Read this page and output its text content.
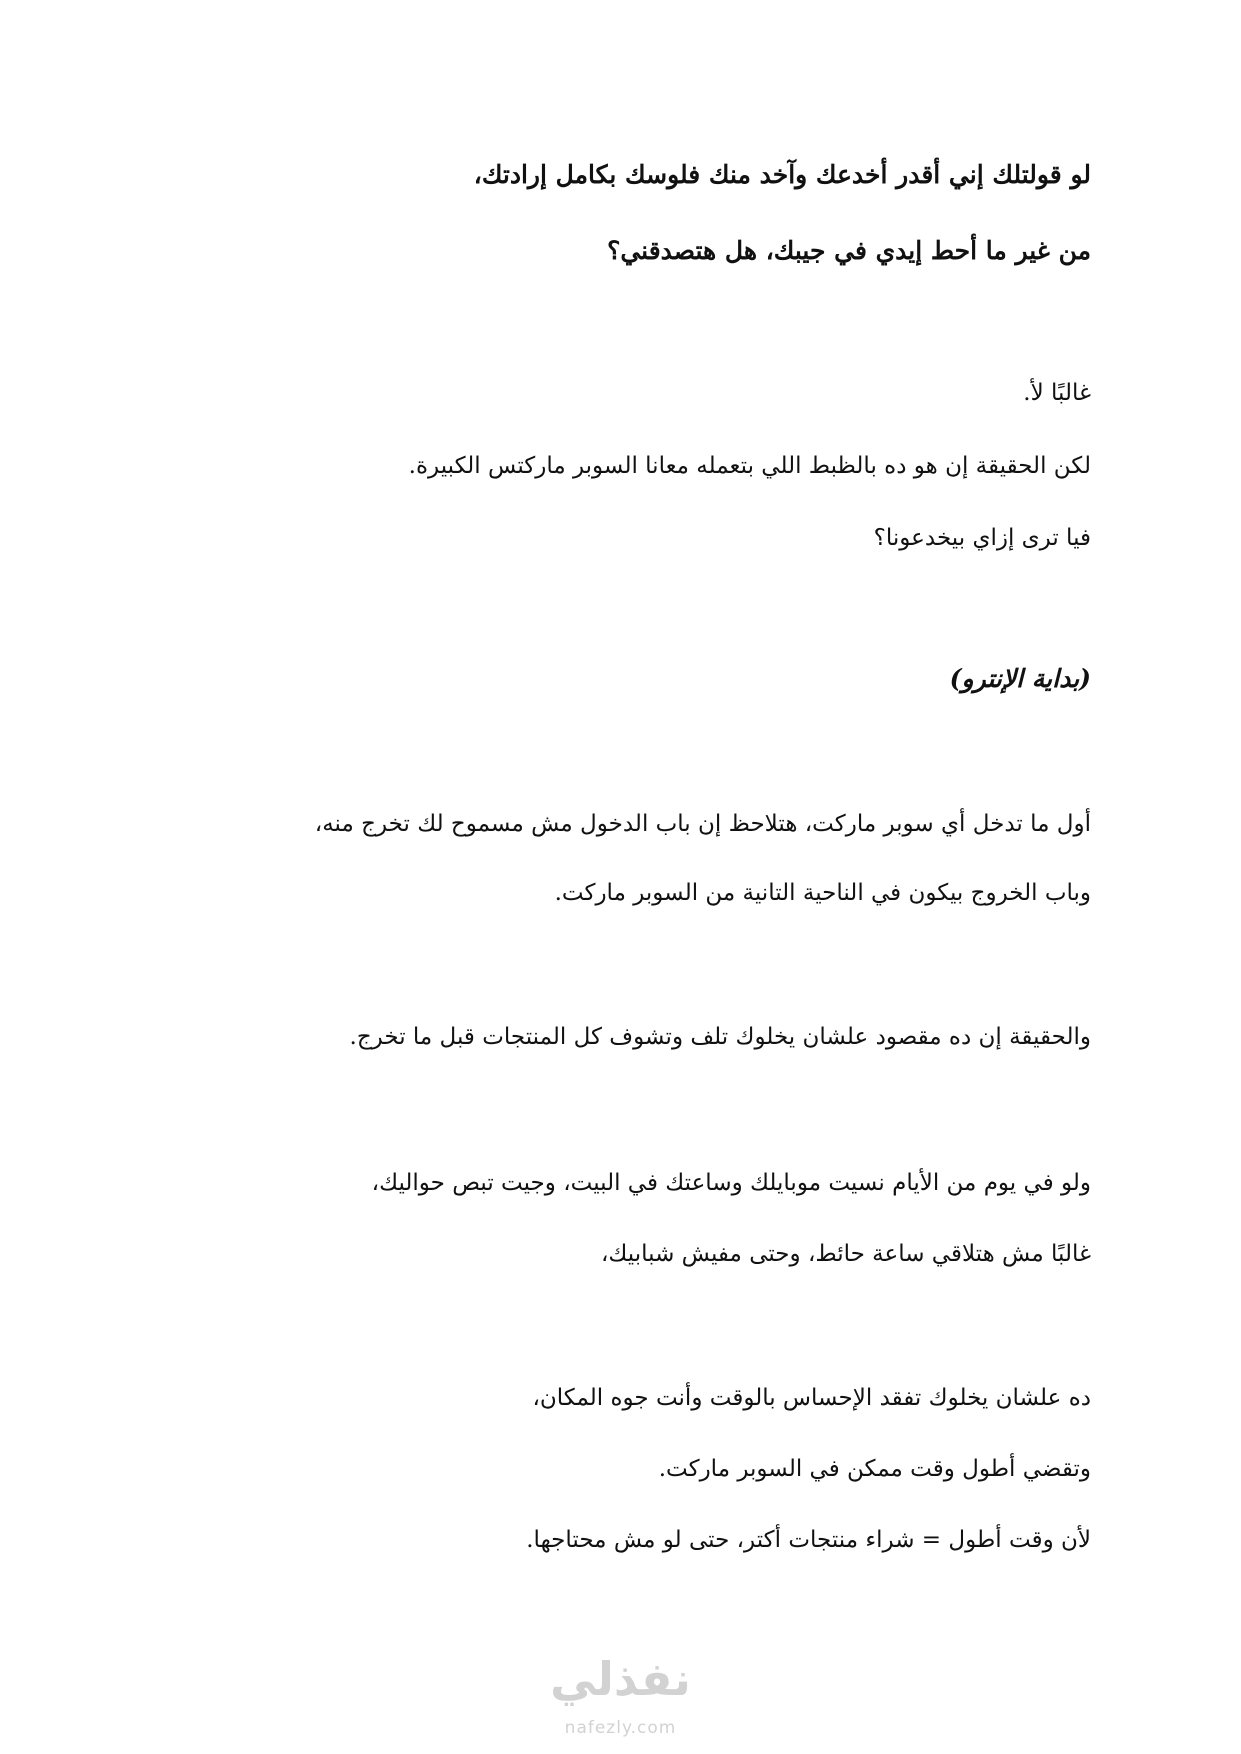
لو قولتلك إني أقدر أخدعك وآخد منك فلوسك بكامل إرادتك،

من غير ما أحط إيدي في جيبك، هل هتصدقني؟

غالبًا لأ.

لكن الحقيقة إن هو ده بالظبط اللي بتعمله معانا السوبر ماركتس الكبيرة.

فيا ترى إزاي بيخدعونا؟

(بداية الإنترو)

أول ما تدخل أي سوبر ماركت، هتلاحظ إن باب الدخول مش مسموح لك تخرج منه،

وباب الخروج بيكون في الناحية التانية من السوبر ماركت.

والحقيقة إن ده مقصود علشان يخلوك تلف وتشوف كل المنتجات قبل ما تخرج.

ولو في يوم من الأيام نسيت موبايلك وساعتك في البيت، وجيت تبص حواليك،

غالبًا مش هتلاقي ساعة حائط، وحتى مفيش شبابيك،

ده علشان يخلوك تفقد الإحساس بالوقت وأنت جوه المكان،

وتقضي أطول وقت ممكن في السوبر ماركت.

لأن وقت أطول = شراء منتجات أكتر، حتى لو مش محتاجها.

نفذلي
nafezly.com
